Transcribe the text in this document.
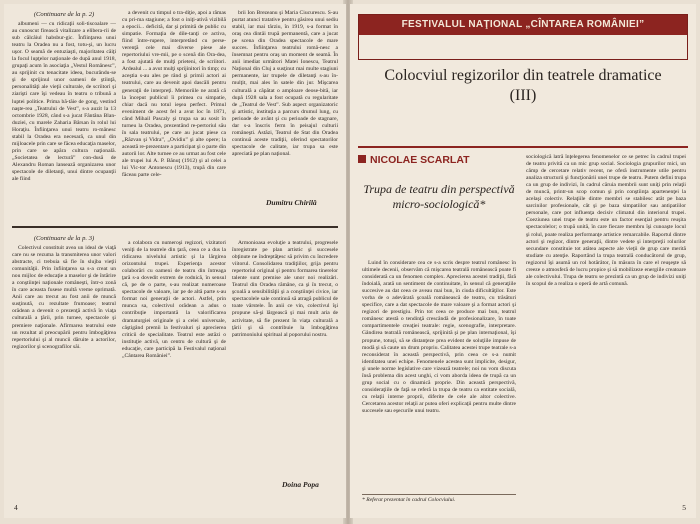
(Continuare de la p. 2)

albumeni — cu ridicaţii soli-tiscoalare — au cunoscut firească vitalizare a elibera-rii de sub călcâiul habsbur-gic. Înfiinţarea unui teatru la Oradea nu a fost, totu-şi, un lucru uşor. O seamă de entuziaşti, majoritatea căiţi la focul lupţelor naţionale de după anul 1918, grupaţi acum în asociaţia „Vestul Românesc”, au sprijinit cu tenacitate ideea, bucurându-se şi de sprijinul unor oameni de ştiinţă, personalităţi ale vieţii culturale, de scriitori şi ziarişti care îşi vedeau în teatru o tribună a luptei politice. Prima bă-tăie de gong, vestind naşte-rea „Teatrului de Vest”, s-a auzit la 13 octombrie 1928, când s-a jucat Fântâna Blan-duziei, cu marele Zaharia Bârsan în rolul lui Horaţiu. Înfiinţarea unui teatru ro-mânesc stabil la Oradea era necesară, ca unul din mijloacele prin care se făcea educaţia maselor, prin care se apăra cultura naţională. „Societatea de lectură” con-dusă de Alexandru Roman lansează organizarea unor spectacole de diletanţi, unui dintre ocupanţii ale fiind

a devenit cu timpul o tra-diţie, apoi a rămas cu pri-ma stagiune; a fost o iniţi-ativă vizibilă a epocii... deficită, dar şi primită de public cu simpatie. Formaţia de dile-tanţi ce activa, fiind între-rupere, interpretând cu perse-verenţă cele mai diverse piese ale repertoriului vre-mii, pe o scenă din Ora-dea, a fost ajutată de mulţi prieteni, de scriitori. Ardealul ... a avut mulţi sprijinitori în timp; cu aceştia s-au ales pe rând şi primii actori ai teatrului, care au devenit apoi dascăli pentru generaţii de interpreţi. Memoriile ne arată că la început publicul îi primea cu simpatie, chiar dacă nu totul ieşea perfect. Primul eveniment de acest fel a avut loc în 1871, când Mihail Pascaly şi trupa sa au sosit în turneu la Oradea, prezentând re-pertoriul său în sala teatrului, pe care au jucat piese ca „Răzvan şi Vidra”, „Ovidiu” şi alte opere; la această re-prezentare a participat şi o parte din autorii lor. Alte turnee ce au urmat au fost cele ale trupei lui A. P. Bănuţ (1912) şi al celei a lui Vic-tor Antonescu (1913), trupă din care făceau parte cele-

brii Ion Brezeanu şi Maria Ciucurescu. S-au purtat atunci tratative pentru găsirea unui sediu stabil, iar mai târziu, în 1919, s-a format în oraş cea dintâi trupă permanentă, care a jucat pe scena din Oradea spectacole de mare succes. Înfiinţarea teatrului româ-nesc a însemnat pentru oraş un moment de seamă. În anii imediat următori Matei Ionescu, Teatrul Naţional din Cluj a susţinut mai multe stagiuni permanente, iar trupele de diletanţi s-au în-mulţit, mai ales în satele din jur. Mişcarea culturală a căpătat o amploare deose-bită, iar după 1928 sala a fost ocupată cu regularitate de „Teatrul de Vest”. Sub aspect organizatoric şi artistic, instituţia a parcurs drumul lung, cu perioade de avânt şi cu perioade de stagnare, dar s-a înscris ferm în peisajul culturii româneşti. Astăzi, Teatrul de Stat din Oradea continuă aceste tradiţii, oferind spectatorilor spectacole de calitate, iar trupa sa este apreciată pe plan naţional.

Dumitru Chirilă

(Continuare de la p. 3)

Colectivul constituit avea un ideal de viaţă care nu se rezuma la transmiterea unor valori abstracte, ci trebuia să fie în slujba vieţii comunităţii. Prin înfiinţarea sa s-a creat un nou mijloc de educaţie a maselor şi de întărire a conştiinţei naţionale româneşti, într-o zonă în care aceasta fusese multă vreme oprimată. Anii care au trecut au fost anii de muncă susţinută, cu rezultate frumoase; teatrul orădean a devenit o prezenţă activă în viaţa culturală a ţării, prin turnee, spectacole şi premiere naţionale. Afirmarea teatrului este un rezultat al preocupării pentru îmbogăţirea repertoriului şi al muncii dăruite a actorilor, regizorilor şi scenografilor săi.

a colabora cu numeroşi regizori, vizitatori veniţi de la teatrele din ţară, ceea ce a dus la ridicarea nivelului artistic şi la lărgirea orizontului trupei. Experienţa acestor colaborări cu oameni de teatru din întreaga ţară s-a dovedit extrem de rodnică, în sensul că, pe de o parte, s-au realizat numeroase spectacole de valoare, iar pe de altă parte s-au format noi generaţii de actori. Astfel, prin munca sa, colectivul orădean a adus o contribuţie importantă la valorificarea dramaturgiei originale şi a celei universale, câştigând premii la festivaluri şi aprecierea criticii de specialitate. Teatrul este astăzi o instituţie activă, un centru de cultură şi de educaţie, care participă la Festivalul naţional „Cântarea României”.

Armonioasa evoluţie a teatrului, progresele înregistrate pe plan artistic şi succesele obţinute ne îndreptăţesc să privim cu încredere viitorul. Consolidarea tradiţiilor, grija pentru repertoriul original şi pentru formarea tinerelor talente sunt premise ale unor noi realizări. Teatrul din Oradea rămâne, ca şi în trecut, o şcoală a sensibilităţii şi a conştiinţei civice, iar spectacolele sale continuă să atragă publicul de toate vârstele. În anii ce vin, colectivul îşi propune să-şi lărgească şi mai mult aria de activitate, să fie prezent în viaţa culturală a ţării şi să contribuie la îmbogăţirea patrimoniului spiritual al poporului nostru.

Doina Popa
4
FESTIVALUL NAŢIONAL „CÎNTAREA ROMÂNIEI”
Colocviul regizorilor din teatrele dramatice (III)
NICOLAE SCARLAT
Trupa de teatru din perspectivă micro-sociologică*

Luind în considerare cea ce s-a scris despre teatrul românesc în ultimele decenii, observăm că mişcarea teatrală românească poate fi considerată ca un fenomen complex. Aprecierea acestei tradiţii, fără îndoială, arată un sentiment de continuitate, în sensul că generaţiile succesive au dat ceea ce aveau mai bun, în ciuda dificultăţilor. Este vorba de o adevărată şcoală românească de teatru, cu trăsături specifice, care a dat spectacole de mare valoare şi a format actori şi regizori de prestigiu. Prin tot ceea ce produce mai bun, teatrul românesc atestă o tendinţă crescândă de profesionalizare, în toate compartimentele creaţiei teatrale: regie, scenografie, interpretare. Gândirea teatrală românească, sprijinită şi pe plan internaţional, îşi propune, totuşi, să se distanţeze prea evident de soluţiile impuse de modă şi să caute un drum propriu. Calitatea acestei trupe teatrale s-a reconsiderat în această perspectivă, prin ceea ce s-a numit identitatea unei echipe. Fenomenele acestea sunt implicite, desigur, şi unele norme legislative care vizează teatrele; noi nu vom discuta însă problema din acest unghi, ci vom aborda ideea de trupă ca un grup social cu o dinamică proprie. Din această perspectivă, consideraţiile de faţă se referă la trupa de teatru ca entitate socială, cu relaţii interne proprii, diferite de cele ale altor colective. Cercetarea acestor relaţii ar putea oferi explicaţii pentru multe dintre succesele sau eşecurile unui teatru.

* Referat prezentat în cadrul Colocviului.

sociologică latră înţelegerea fenomenelor ce se petrec în cadrul trupei de teatru privită ca un mic grup social. Sociologia grupurilor mici, un câmp de cercetare relativ recent, ne oferă instrumente utile pentru analiza structurii şi funcţionării unei trupe de teatru. Putem defini trupa ca un grup de indivizi, în cadrul căruia membrii sunt uniţi prin relaţii de muncă, printr-un scop comun şi prin conştiinţa apartenenţei la acelaşi colectiv. Relaţiile dintre membri se stabilesc atât pe baza sarcinilor profesionale, cât şi pe baza simpatiilor sau antipatiilor personale, care pot influenţa decisiv climatul din interiorul trupei. Coeziunea unei trupe de teatru este un factor esenţial pentru reuşita spectacolelor; o trupă unită, în care fiecare membru îşi cunoaşte locul şi rolul, poate realiza performanţe artistice remarcabile. Raportul dintre actori şi regizor, dintre generaţii, dintre vedete şi interpreţii rolurilor secundare constituie tot atâtea aspecte ale vieţii de grup care merită studiate cu atenţie. Raportând la trupa teatrală conducătorul de grup, regizorul îşi asumă un rol hotărâtor, în măsura în care el reuşeşte să creeze o atmosferă de lucru propice şi să mobilizeze energiile creatoare ale colectivului. Trupa de teatru se prezintă ca un grup de indivizi uniţi în scopul de a realiza o operă de artă comună.

5
